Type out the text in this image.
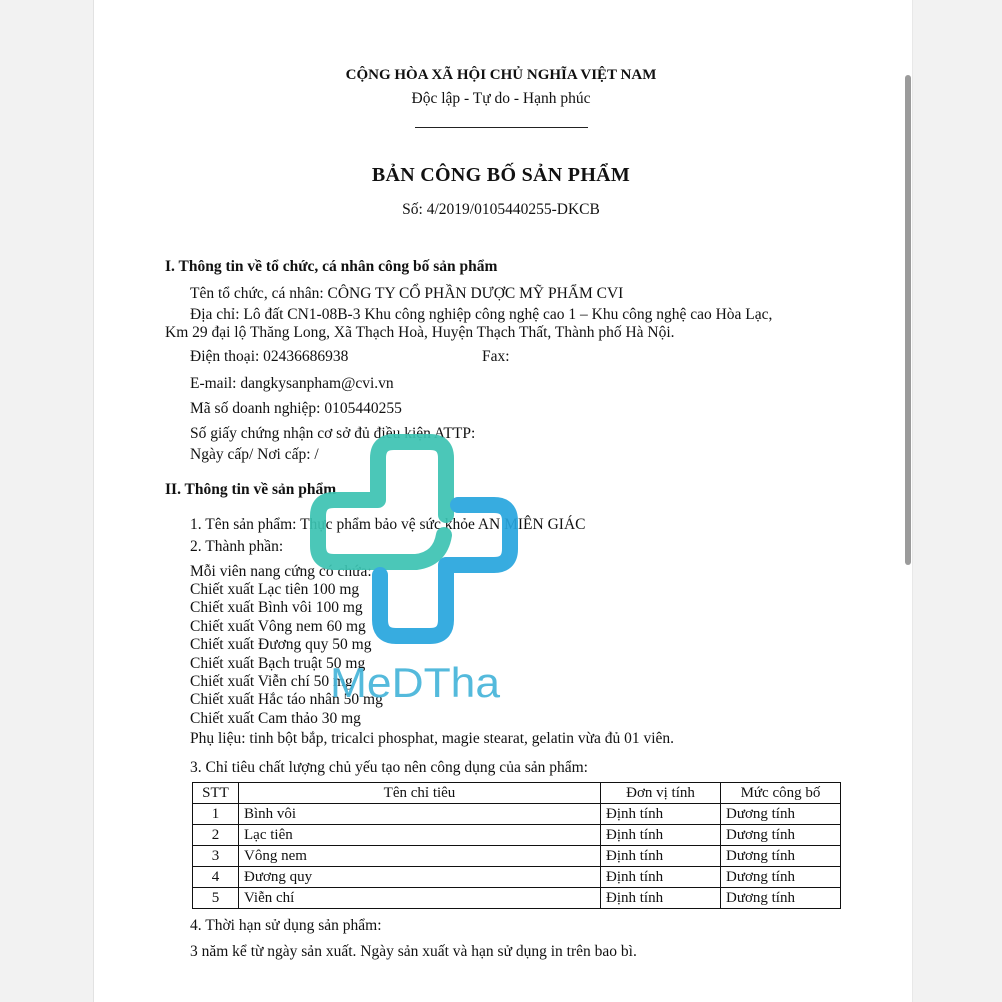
CỘNG HÒA XÃ HỘI CHỦ NGHĨA VIỆT NAM
Độc lập - Tự do - Hạnh phúc
BẢN CÔNG BỐ SẢN PHẨM
Số: 4/2019/0105440255-DKCB
I. Thông tin về tổ chức, cá nhân công bố sản phẩm
Tên tổ chức, cá nhân: CÔNG TY CỔ PHẦN DƯỢC MỸ PHẨM CVI
Địa chỉ: Lô đất CN1-08B-3 Khu công nghiệp công nghệ cao 1 – Khu công nghệ cao Hòa Lạc,
Km 29 đại lộ Thăng Long, Xã Thạch Hoà, Huyện Thạch Thất, Thành phố Hà Nội.
Điện thoại: 02436686938	Fax:
E-mail: dangkysanpham@cvi.vn
Mã số doanh nghiệp: 0105440255
Số giấy chứng nhận cơ sở đủ điều kiện ATTP:
Ngày cấp/ Nơi cấp: /
II. Thông tin về sản phẩm
1. Tên sản phẩm: Thực phẩm bảo vệ sức khỏe AN MIÊN GIÁC
2. Thành phần:
Mỗi viên nang cứng có chứa:
Chiết xuất Lạc tiên 100 mg
Chiết xuất Bình vôi 100 mg
Chiết xuất Vông nem 60 mg
Chiết xuất Đương quy 50 mg
Chiết xuất Bạch truật 50 mg
Chiết xuất Viễn chí 50 mg
Chiết xuất Hắc táo nhân 50 mg
Chiết xuất Cam thảo 30 mg
Phụ liệu: tinh bột bắp, tricalci phosphat, magie stearat, gelatin vừa đủ 01 viên.
3. Chỉ tiêu chất lượng chủ yếu tạo nên công dụng của sản phẩm:
STT	Tên chỉ tiêu	Đơn vị tính	Mức công bố
1	Bình vôi	Định tính	Dương tính
2	Lạc tiên	Định tính	Dương tính
3	Vông nem	Định tính	Dương tính
4	Đương quy	Định tính	Dương tính
5	Viễn chí	Định tính	Dương tính
4. Thời hạn sử dụng sản phẩm:
3 năm kể từ ngày sản xuất. Ngày sản xuất và hạn sử dụng in trên bao bì.
MeDTha
